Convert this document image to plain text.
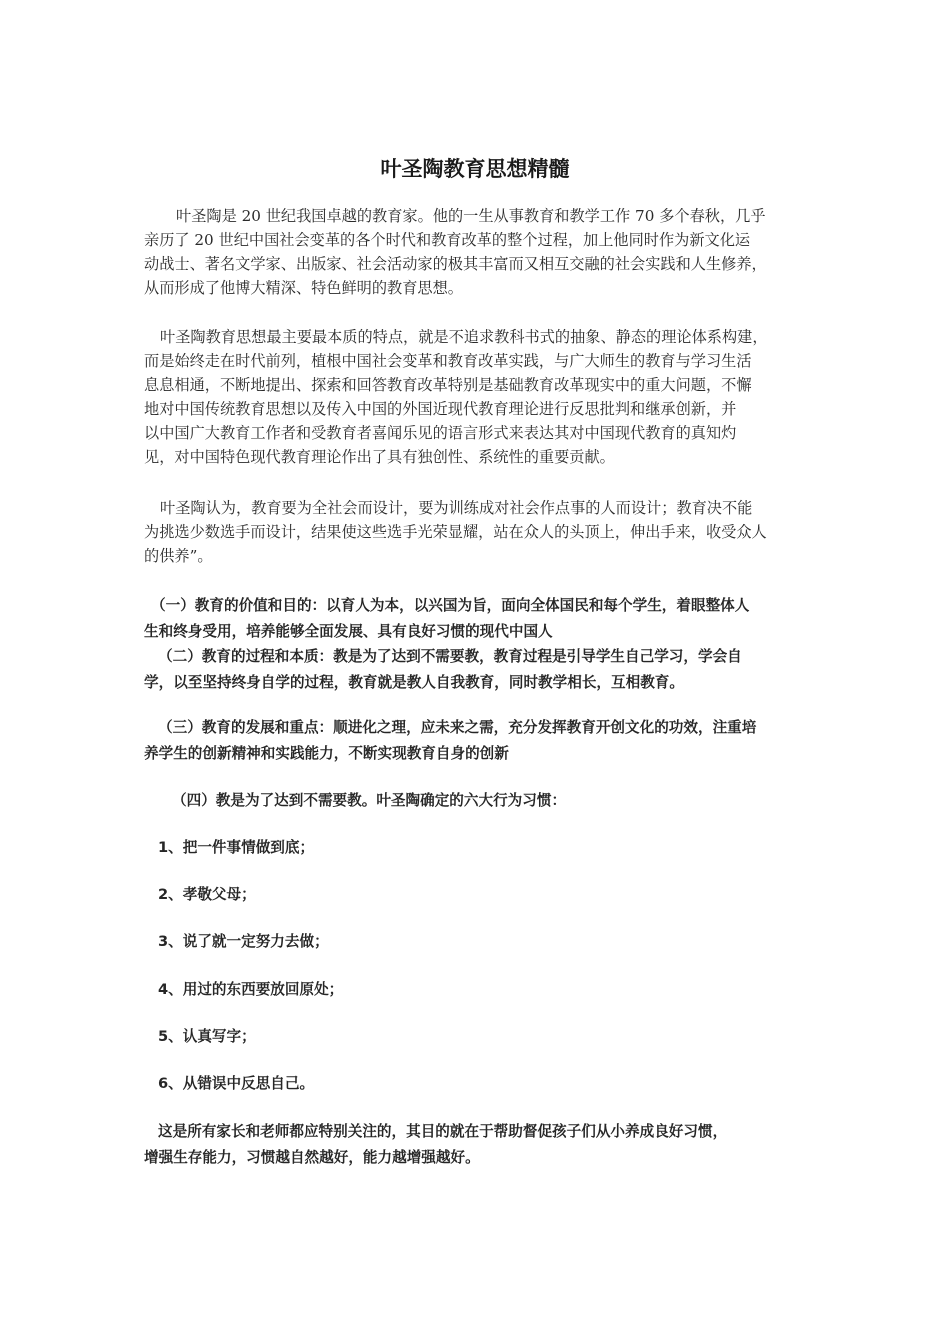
叶圣陶教育思想精髓

叶圣陶是 20 世纪我国卓越的教育家。他的一生从事教育和教学工作 70 多个春秋，几乎
亲历了 20 世纪中国社会变革的各个时代和教育改革的整个过程，加上他同时作为新文化运
动战士、著名文学家、出版家、社会活动家的极其丰富而又相互交融的社会实践和人生修养，
从而形成了他博大精深、特色鲜明的教育思想。

叶圣陶教育思想最主要最本质的特点，就是不追求教科书式的抽象、静态的理论体系构建，
而是始终走在时代前列，植根中国社会变革和教育改革实践，与广大师生的教育与学习生活
息息相通，不断地提出、探索和回答教育改革特别是基础教育改革现实中的重大问题，不懈
地对中国传统教育思想以及传入中国的外国近现代教育理论进行反思批判和继承创新，并
以中国广大教育工作者和受教育者喜闻乐见的语言形式来表达其对中国现代教育的真知灼
见，对中国特色现代教育理论作出了具有独创性、系统性的重要贡献。

叶圣陶认为，教育要为全社会而设计，要为训练成对社会作点事的人而设计；教育决不能
为挑选少数选手而设计，结果使这些选手光荣显耀，站在众人的头顶上，伸出手来，收受众人
的供养”。

（一）教育的价值和目的：以育人为本，以兴国为旨，面向全体国民和每个学生，着眼整体人
生和终身受用，培养能够全面发展、具有良好习惯的现代中国人

（二）教育的过程和本质：教是为了达到不需要教，教育过程是引导学生自己学习，学会自
学，以至坚持终身自学的过程，教育就是教人自我教育，同时教学相长，互相教育。

（三）教育的发展和重点：顺进化之理，应未来之需，充分发挥教育开创文化的功效，注重培
养学生的创新精神和实践能力，不断实现教育自身的创新

（四）教是为了达到不需要教。叶圣陶确定的六大行为习惯：

1、把一件事情做到底；

2、孝敬父母；

3、说了就一定努力去做；

4、用过的东西要放回原处；

5、认真写字；

6、从错误中反思自己。

这是所有家长和老师都应特别关注的，其目的就在于帮助督促孩子们从小养成良好习惯，
增强生存能力，习惯越自然越好，能力越增强越好。
